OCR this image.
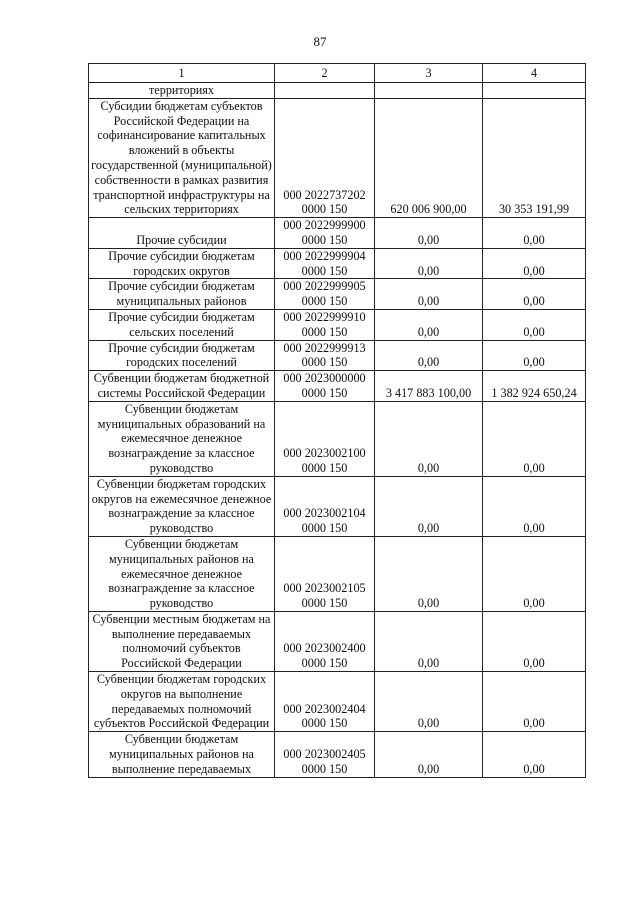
87
1	2	3	4
территориях			
Субсидии бюджетам субъектов Российской Федерации на софинансирование капитальных вложений в объекты государственной (муниципальной) собственности в рамках развития транспортной инфраструктуры на сельских территориях	000 2022737202 0000 150	620 006 900,00	30 353 191,99
Прочие субсидии	000 2022999900 0000 150	0,00	0,00
Прочие субсидии бюджетам городских округов	000 2022999904 0000 150	0,00	0,00
Прочие субсидии бюджетам муниципальных районов	000 2022999905 0000 150	0,00	0,00
Прочие субсидии бюджетам сельских поселений	000 2022999910 0000 150	0,00	0,00
Прочие субсидии бюджетам городских поселений	000 2022999913 0000 150	0,00	0,00
Субвенции бюджетам бюджетной системы Российской Федерации	000 2023000000 0000 150	3 417 883 100,00	1 382 924 650,24
Субвенции бюджетам муниципальных образований на ежемесячное денежное вознаграждение за классное руководство	000 2023002100 0000 150	0,00	0,00
Субвенции бюджетам городских округов на ежемесячное денежное вознаграждение за классное руководство	000 2023002104 0000 150	0,00	0,00
Субвенции бюджетам муниципальных районов на ежемесячное денежное вознаграждение за классное руководство	000 2023002105 0000 150	0,00	0,00
Субвенции местным бюджетам на выполнение передаваемых полномочий субъектов Российской Федерации	000 2023002400 0000 150	0,00	0,00
Субвенции бюджетам городских округов на выполнение передаваемых полномочий субъектов Российской Федерации	000 2023002404 0000 150	0,00	0,00
Субвенции бюджетам муниципальных районов на выполнение передаваемых	000 2023002405 0000 150	0,00	0,00
